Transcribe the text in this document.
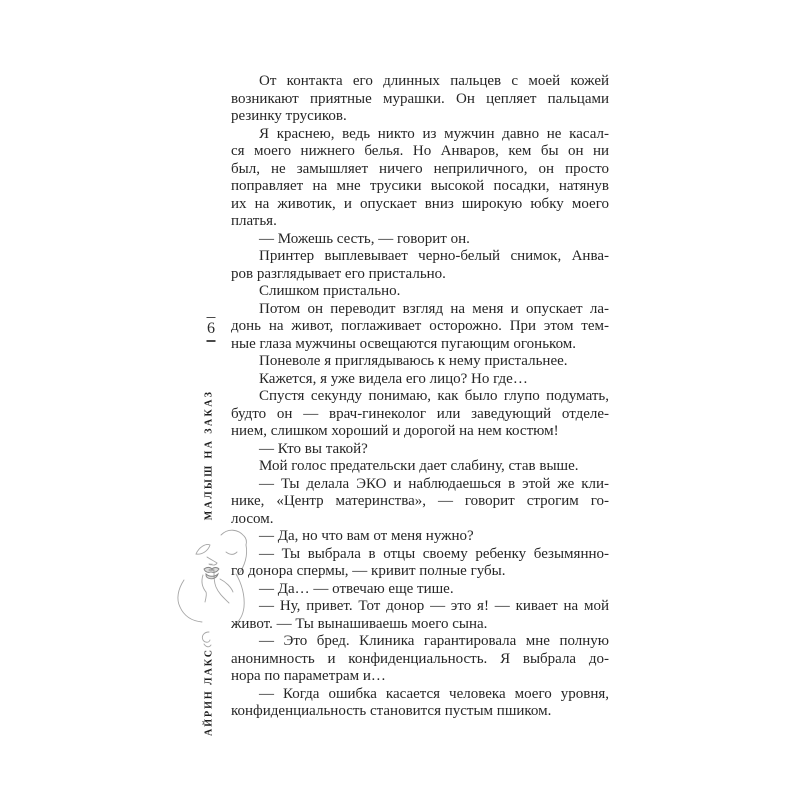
6
МАЛЫШ НА ЗАКАЗ
АЙРИН ЛАКС
От контакта его длинных пальцев с моей кожей
возникают приятные мурашки. Он цепляет пальцами
резинку трусиков.
Я краснею, ведь никто из мужчин давно не касал-
ся моего нижнего белья. Но Анваров, кем бы он ни
был, не замышляет ничего неприличного, он просто
поправляет на мне трусики высокой посадки, натянув
их на животик, и опускает вниз широкую юбку моего
платья.
— Можешь сесть, — говорит он.
Принтер выплевывает черно-белый снимок, Анва-
ров разглядывает его пристально.
Слишком пристально.
Потом он переводит взгляд на меня и опускает ла-
донь на живот, поглаживает осторожно. При этом тем-
ные глаза мужчины освещаются пугающим огоньком.
Поневоле я приглядываюсь к нему пристальнее.
Кажется, я уже видела его лицо? Но где…
Спустя секунду понимаю, как было глупо подумать,
будто он — врач-гинеколог или заведующий отделе-
нием, слишком хороший и дорогой на нем костюм!
— Кто вы такой?
Мой голос предательски дает слабину, став выше.
— Ты делала ЭКО и наблюдаешься в этой же кли-
нике, «Центр материнства», — говорит строгим го-
лосом.
— Да, но что вам от меня нужно?
— Ты выбрала в отцы своему ребенку безымянно-
го донора спермы, — кривит полные губы.
— Да… — отвечаю еще тише.
— Ну, привет. Тот донор — это я! — кивает на мой
живот. — Ты вынашиваешь моего сына.
— Это бред. Клиника гарантировала мне полную
анонимность и конфиденциальность. Я выбрала до-
нора по параметрам и…
— Когда ошибка касается человека моего уровня,
конфиденциальность становится пустым пшиком.
